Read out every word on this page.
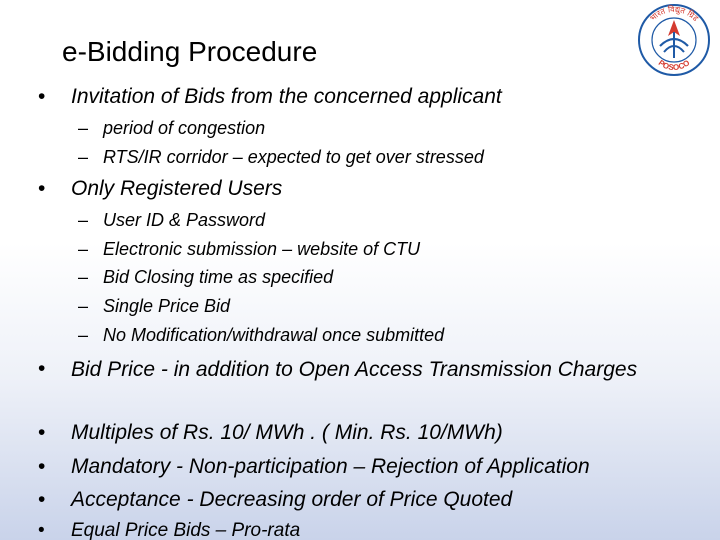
e-Bidding Procedure
भारत विद्युत ग्रिड
POSOCO
• Invitation of Bids from the concerned applicant
– period of congestion
– RTS/IR corridor – expected to get over stressed
• Only Registered Users
– User ID & Password
– Electronic submission – website of CTU
– Bid Closing time as specified
– Single Price Bid
– No Modification/withdrawal once submitted
• Bid Price - in addition to Open Access Transmission Charges
• Multiples of Rs. 10/ MWh . ( Min. Rs. 10/MWh)
• Mandatory - Non-participation – Rejection of Application
• Acceptance - Decreasing order of Price Quoted
• Equal Price Bids – Pro-rata
